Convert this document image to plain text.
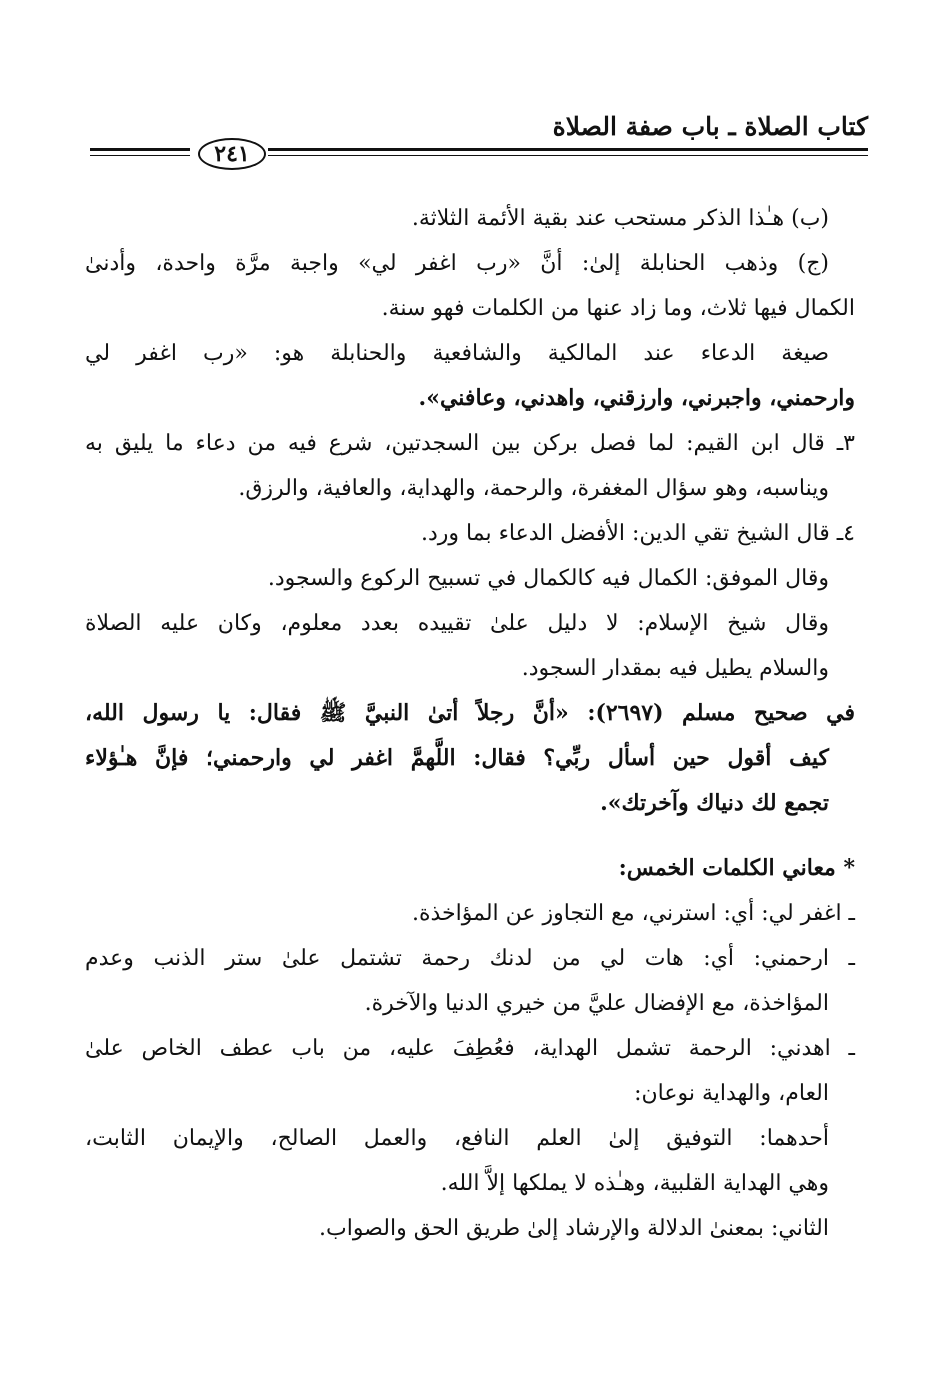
كتاب الصلاة ـ باب صفة الصلاة
٢٤١
(ب) هـٰذا الذكر مستحب عند بقية الأئمة الثلاثة.
(ج) وذهب الحنابلة إلىٰ: أنَّ «رب اغفر لي» واجبة مرَّة واحدة، وأدنىٰ
الكمال فيها ثلاث، وما زاد عنها من الكلمات فهو سنة.
صيغة الدعاء عند المالكية والشافعية والحنابلة هو: «رب اغفر لي
وارحمني، واجبرني، وارزقني، واهدني، وعافني».
٣ـ قال ابن القيم: لما فصل بركن بين السجدتين، شرع فيه من دعاء ما يليق به
ويناسبه، وهو سؤال المغفرة، والرحمة، والهداية، والعافية، والرزق.
٤ـ قال الشيخ تقي الدين: الأفضل الدعاء بما ورد.
وقال الموفق: الكمال فيه كالكمال في تسبيح الركوع والسجود.
وقال شيخ الإسلام: لا دليل علىٰ تقييده بعدد معلوم، وكان عليه الصلاة
والسلام يطيل فيه بمقدار السجود.
في صحيح مسلم (٢٦٩٧): «أنَّ رجلاً أتىٰ النبيَّ ﷺ فقال: يا رسول الله،
كيف أقول حين أسأل ربِّي؟ فقال: اللَّهمَّ اغفر لي وارحمني؛ فإنَّ هـٰؤلاء
تجمع لك دنياك وآخرتك».
* معاني الكلمات الخمس:
ـ اغفر لي: أي: استرني، مع التجاوز عن المؤاخذة.
ـ ارحمني: أي: هات لي من لدنك رحمة تشتمل علىٰ ستر الذنب وعدم
المؤاخذة، مع الإفضال عليَّ من خيري الدنيا والآخرة.
ـ اهدني: الرحمة تشمل الهداية، فعُطِفَ عليه، من باب عطف الخاص علىٰ
العام، والهداية نوعان:
أحدهما: التوفيق إلىٰ العلم النافع، والعمل الصالح، والإيمان الثابت،
وهي الهداية القلبية، وهـٰذه لا يملكها إلاَّ الله.
الثاني: بمعنىٰ الدلالة والإرشاد إلىٰ طريق الحق والصواب.
